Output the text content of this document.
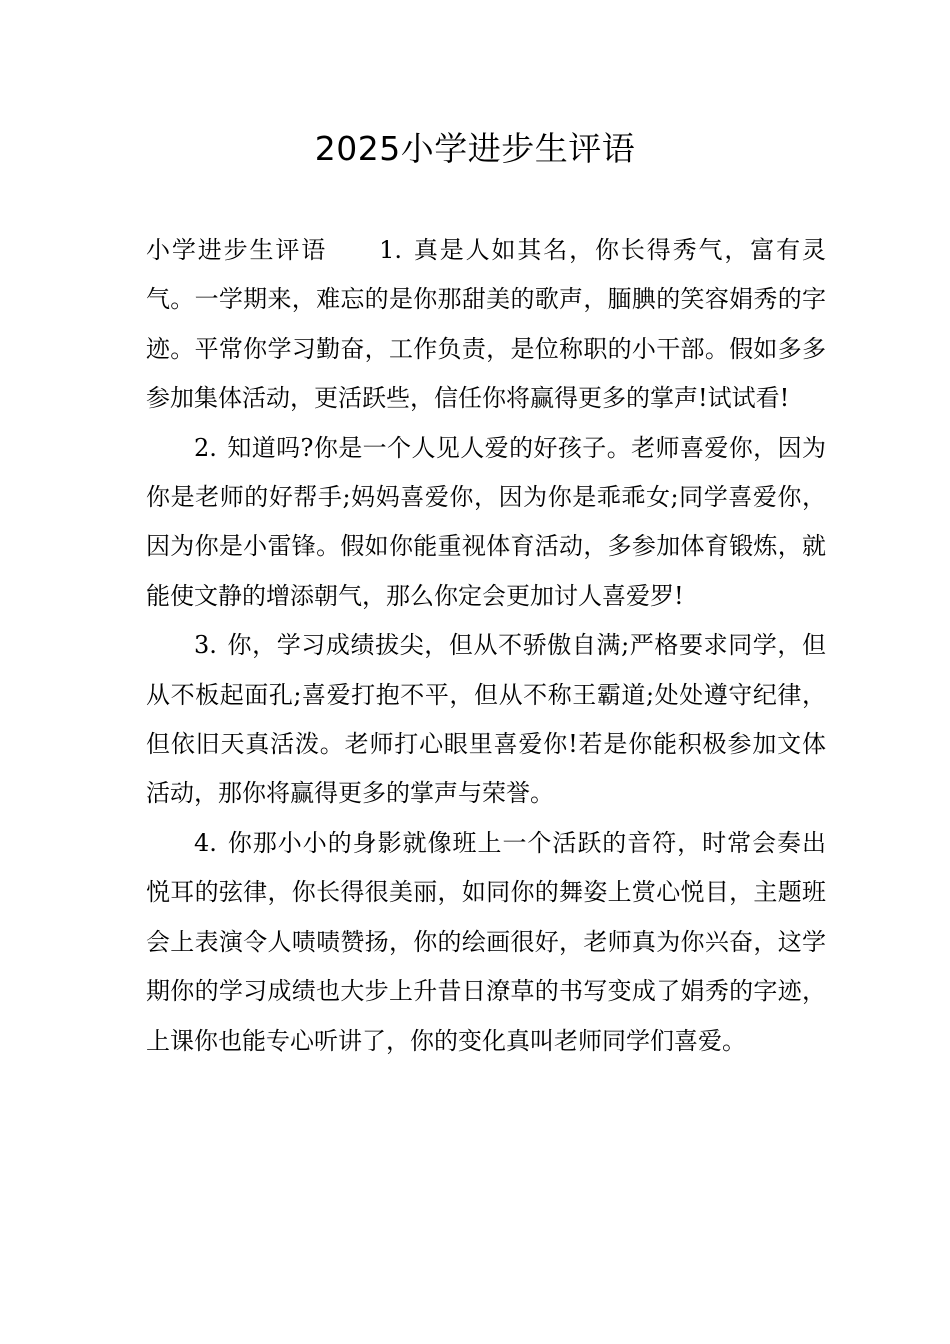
2025小学进步生评语

小学进步生评语 1. 真是人如其名，你长得秀气，富有灵气。一学期来，难忘的是你那甜美的歌声，腼腆的笑容娟秀的字迹。平常你学习勤奋，工作负责，是位称职的小干部。假如多多参加集体活动，更活跃些，信任你将赢得更多的掌声!试试看!

2. 知道吗?你是一个人见人爱的好孩子。老师喜爱你，因为你是老师的好帮手;妈妈喜爱你，因为你是乖乖女;同学喜爱你，因为你是小雷锋。假如你能重视体育活动，多参加体育锻炼，就能使文静的增添朝气，那么你定会更加讨人喜爱罗!

3. 你，学习成绩拔尖，但从不骄傲自满;严格要求同学，但从不板起面孔;喜爱打抱不平，但从不称王霸道;处处遵守纪律，但依旧天真活泼。老师打心眼里喜爱你!若是你能积极参加文体活动，那你将赢得更多的掌声与荣誉。

4. 你那小小的身影就像班上一个活跃的音符，时常会奏出悦耳的弦律，你长得很美丽，如同你的舞姿上赏心悦目，主题班会上表演令人啧啧赞扬，你的绘画很好，老师真为你兴奋，这学期你的学习成绩也大步上升昔日潦草的书写变成了娟秀的字迹，上课你也能专心听讲了，你的变化真叫老师同学们喜爱。
